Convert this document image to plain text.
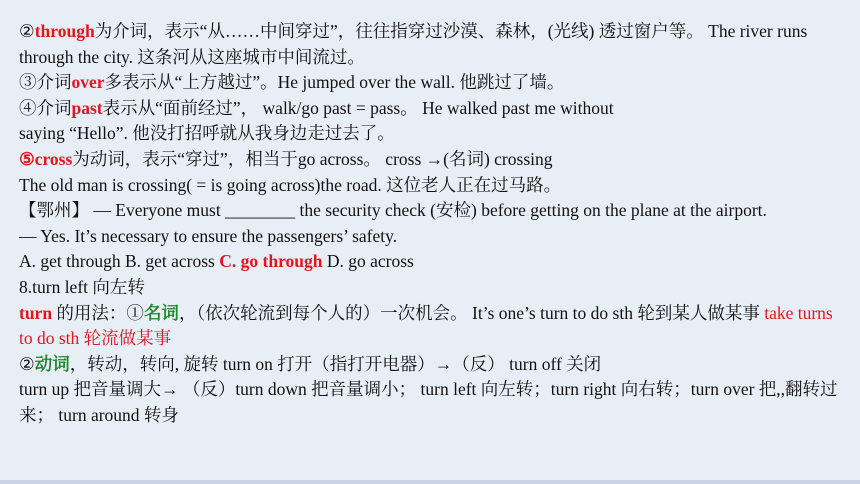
②through为介词，表示“从……中间穿过”，往往指穿过沙漠、森林，(光线) 透过窗户等。 The river runs through the city. 这条河从这座城市中间流过。
③介词over多表示从“上方越过”。He jumped over the wall. 他跳过了墙。
④介词past表示从“面前经过”， walk/go past = pass。 He walked past me without
saying “Hello”. 他没打招呼就从我身边走过去了。
⑤cross为动词，表示“穿过”，相当于go across。 cross →(名词) crossing
The old man is crossing( = is going across)the road. 这位老人正在过马路。
【鄂州】 — Everyone must ________ the security check (安检) before getting on the plane at the airport.
— Yes. It’s necessary to ensure the passengers’ safety.
A. get through B. get across C. go through D. go across
8.turn left 向左转
turn 的用法：①名词，（依次轮流到每个人的）一次机会。 It’s one’s turn to do sth 轮到某人做某事 take turns to do sth 轮流做某事
②动词，转动，转向, 旋转 turn on 打开（指打开电器）→（反） turn off 关闭
turn up 把音量调大→ （反）turn down 把音量调小； turn left 向左转；turn right 向右转；turn over 把,,翻转过来； turn around 转身
